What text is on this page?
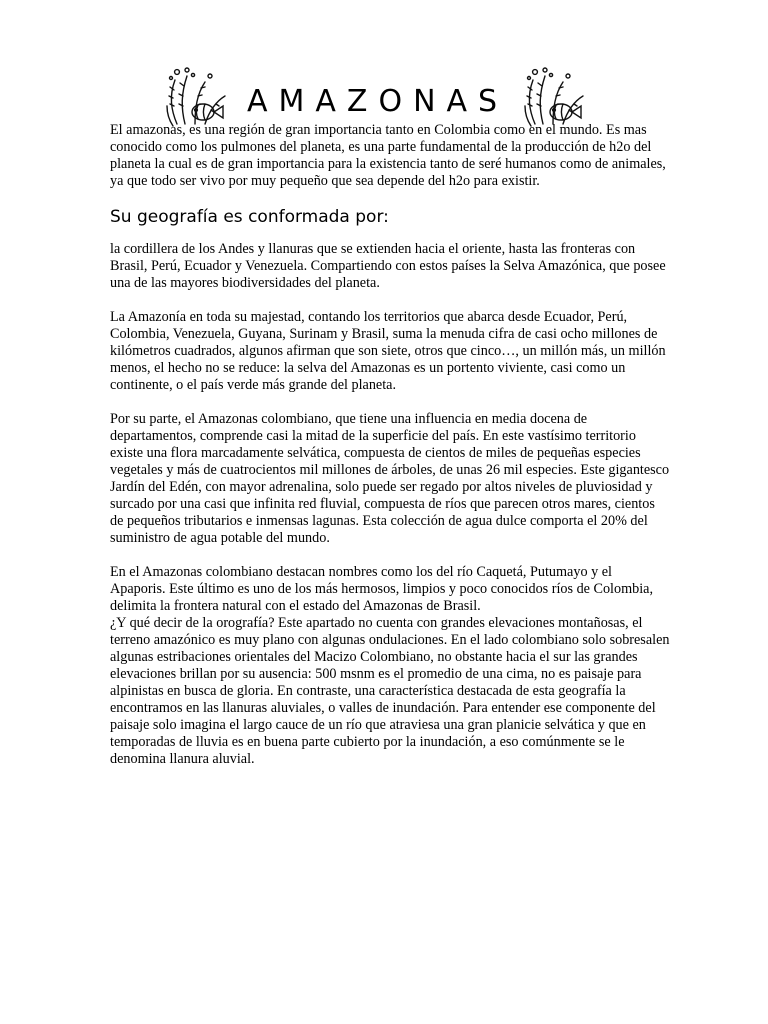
AMAZONAS

El amazonas, es una región de gran importancia tanto en Colombia como en el mundo. Es mas conocido como los pulmones del planeta, es una parte fundamental de la producción de h2o del planeta la cual es de gran importancia para la existencia tanto de seré humanos como de animales, ya que todo ser vivo por muy pequeño que sea depende del h2o para existir.

Su geografía es conformada por:

la cordillera de los Andes y llanuras que se extienden hacia el oriente, hasta las fronteras con Brasil, Perú, Ecuador y Venezuela. Compartiendo con estos países la Selva Amazónica, que posee una de las mayores biodiversidades del planeta.

La Amazonía en toda su majestad, contando los territorios que abarca desde Ecuador, Perú, Colombia, Venezuela, Guyana, Surinam y Brasil, suma la menuda cifra de casi ocho millones de kilómetros cuadrados, algunos afirman que son siete, otros que cinco…, un millón más, un millón menos, el hecho no se reduce: la selva del Amazonas es un portento viviente, casi como un continente, o el país verde más grande del planeta.

Por su parte, el Amazonas colombiano, que tiene una influencia en media docena de departamentos, comprende casi la mitad de la superficie del país. En este vastísimo territorio existe una flora marcadamente selvática, compuesta de cientos de miles de pequeñas especies vegetales y más de cuatrocientos mil millones de árboles, de unas 26 mil especies. Este gigantesco Jardín del Edén, con mayor adrenalina, solo puede ser regado por altos niveles de pluviosidad y surcado por una casi que infinita red fluvial, compuesta de ríos que parecen otros mares, cientos de pequeños tributarios e inmensas lagunas. Esta colección de agua dulce comporta el 20% del suministro de agua potable del mundo.

En el Amazonas colombiano destacan nombres como los del río Caquetá, Putumayo y el Apaporis. Este último es uno de los más hermosos, limpios y poco conocidos ríos de Colombia, delimita la frontera natural con el estado del Amazonas de Brasil.

¿Y qué decir de la orografía? Este apartado no cuenta con grandes elevaciones montañosas, el terreno amazónico es muy plano con algunas ondulaciones. En el lado colombiano solo sobresalen algunas estribaciones orientales del Macizo Colombiano, no obstante hacia el sur las grandes elevaciones brillan por su ausencia: 500 msnm es el promedio de una cima, no es paisaje para alpinistas en busca de gloria. En contraste, una característica destacada de esta geografía la encontramos en las llanuras aluviales, o valles de inundación. Para entender ese componente del paisaje solo imagina el largo cauce de un río que atraviesa una gran planicie selvática y que en temporadas de lluvia es en buena parte cubierto por la inundación, a eso comúnmente se le denomina llanura aluvial.
